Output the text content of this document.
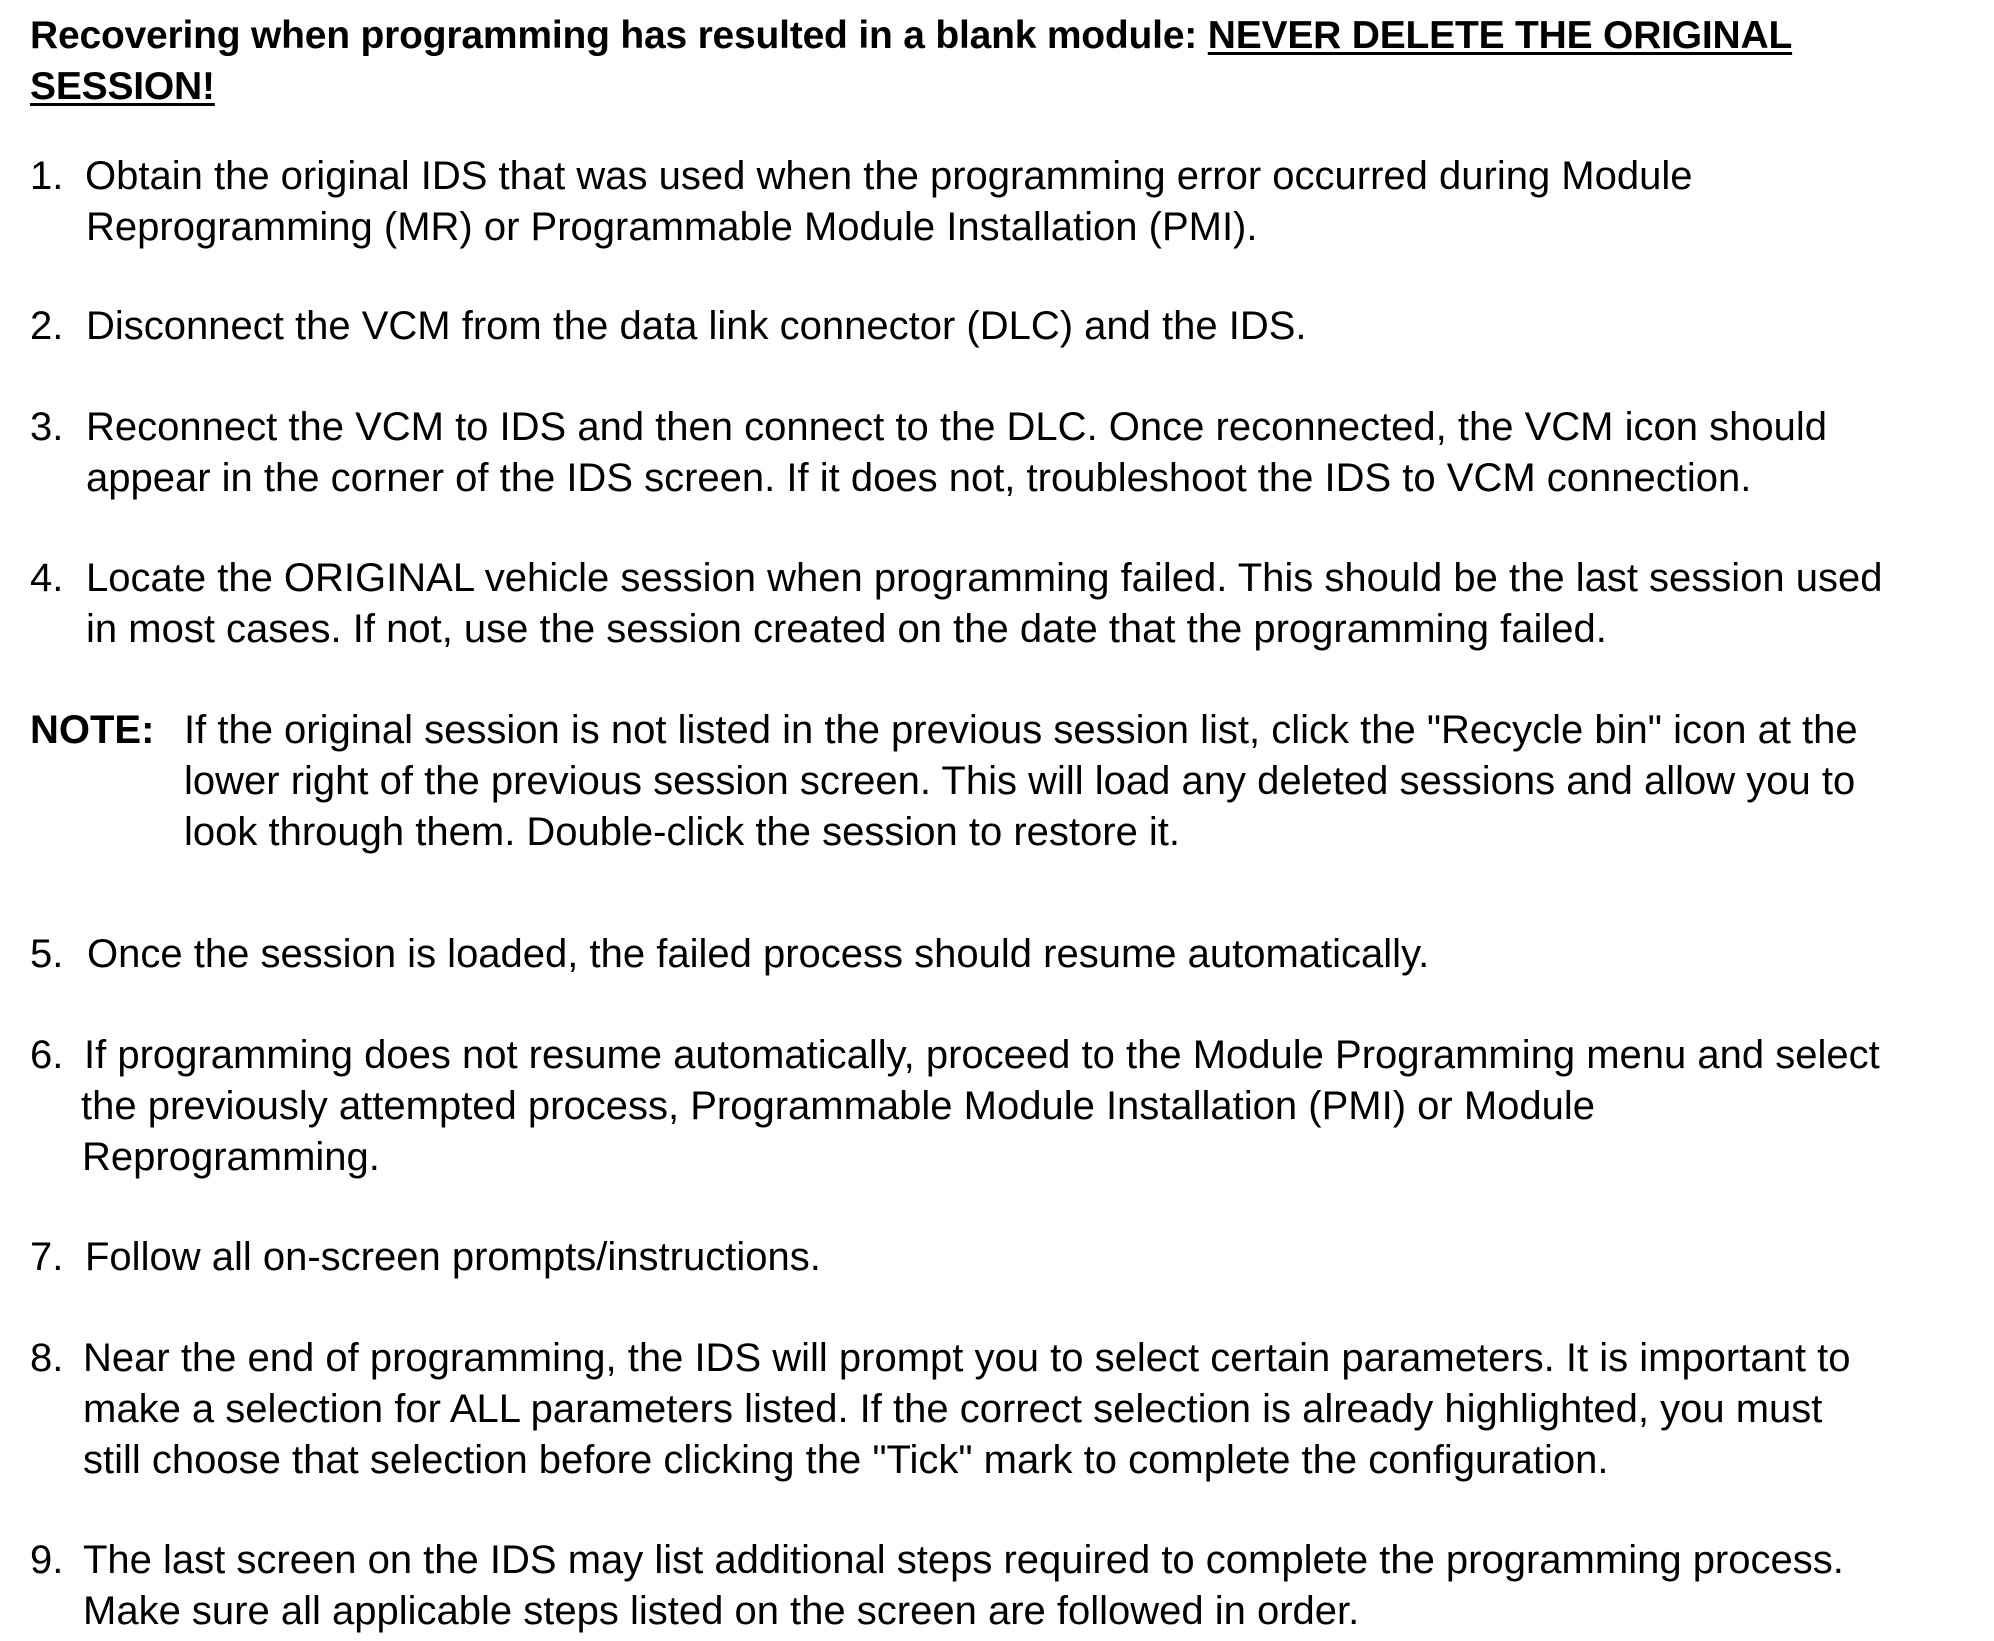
Recovering when programming has resulted in a blank module: NEVER DELETE THE ORIGINAL SESSION!
1. Obtain the original IDS that was used when the programming error occurred during Module
Reprogramming (MR) or Programmable Module Installation (PMI).
2. Disconnect the VCM from the data link connector (DLC) and the IDS.
3. Reconnect the VCM to IDS and then connect to the DLC. Once reconnected, the VCM icon should
appear in the corner of the IDS screen. If it does not, troubleshoot the IDS to VCM connection.
4. Locate the ORIGINAL vehicle session when programming failed. This should be the last session used
in most cases. If not, use the session created on the date that the programming failed.
NOTE: If the original session is not listed in the previous session list, click the "Recycle bin" icon at the
lower right of the previous session screen. This will load any deleted sessions and allow you to
look through them. Double-click the session to restore it.
5. Once the session is loaded, the failed process should resume automatically.
6. If programming does not resume automatically, proceed to the Module Programming menu and select
the previously attempted process, Programmable Module Installation (PMI) or Module
Reprogramming.
7. Follow all on-screen prompts/instructions.
8. Near the end of programming, the IDS will prompt you to select certain parameters. It is important to
make a selection for ALL parameters listed. If the correct selection is already highlighted, you must
still choose that selection before clicking the "Tick" mark to complete the configuration.
9. The last screen on the IDS may list additional steps required to complete the programming process.
Make sure all applicable steps listed on the screen are followed in order.
